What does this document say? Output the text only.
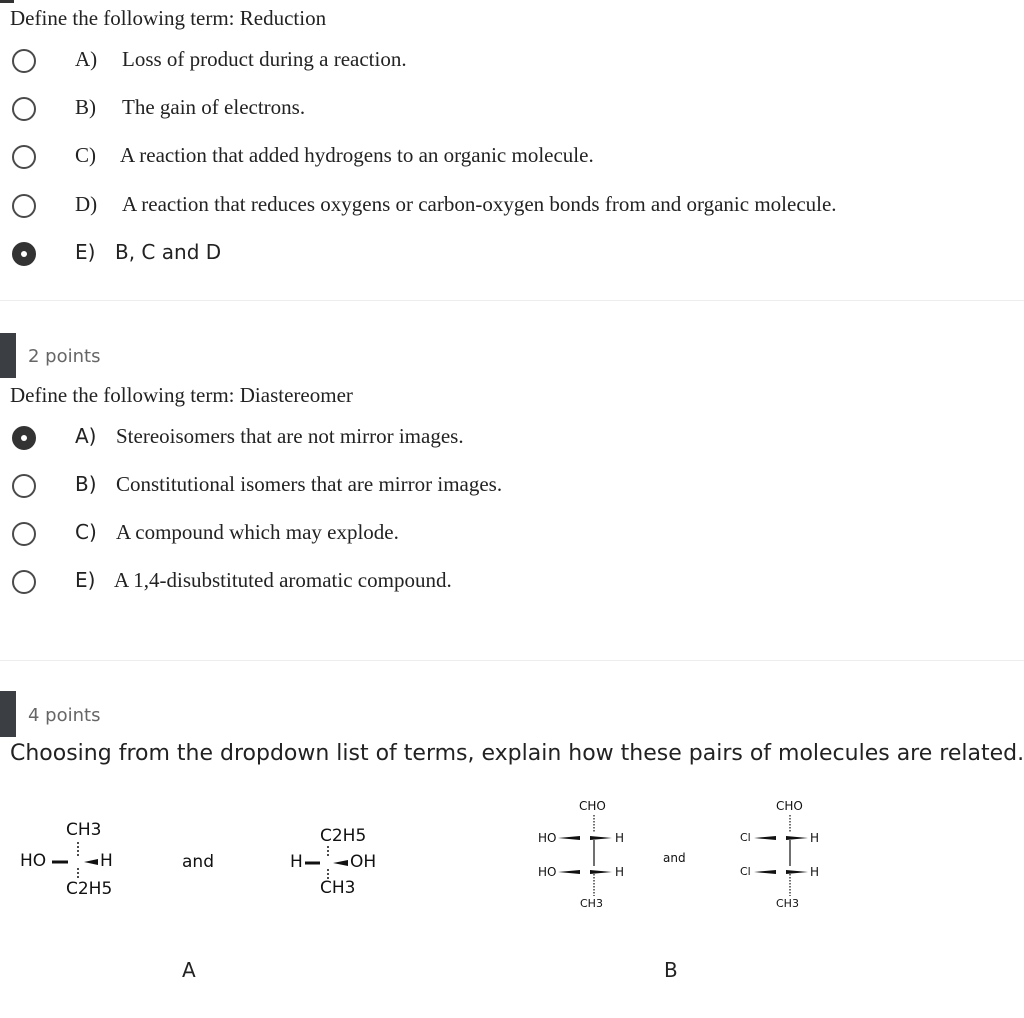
Define the following term: Reduction
A) Loss of product during a reaction.
B) The gain of electrons.
C) A reaction that added hydrogens to an organic molecule.
D) A reaction that reduces oxygens or carbon-oxygen bonds from and organic molecule.
E) B, C and D
2 points
Define the following term: Diastereomer
A) Stereoisomers that are not mirror images.
B) Constitutional isomers that are mirror images.
C) A compound which may explode.
E) A 1,4-disubstituted aromatic compound.
4 points
Choosing from the dropdown list of terms, explain how these pairs of molecules are related.
CH3
HO	H
C2H5
and
C2H5
H	OH
CH3
A
CHO
HO	H
HO	H
CH3
and
CHO
Cl	H
Cl	H
CH3
B
